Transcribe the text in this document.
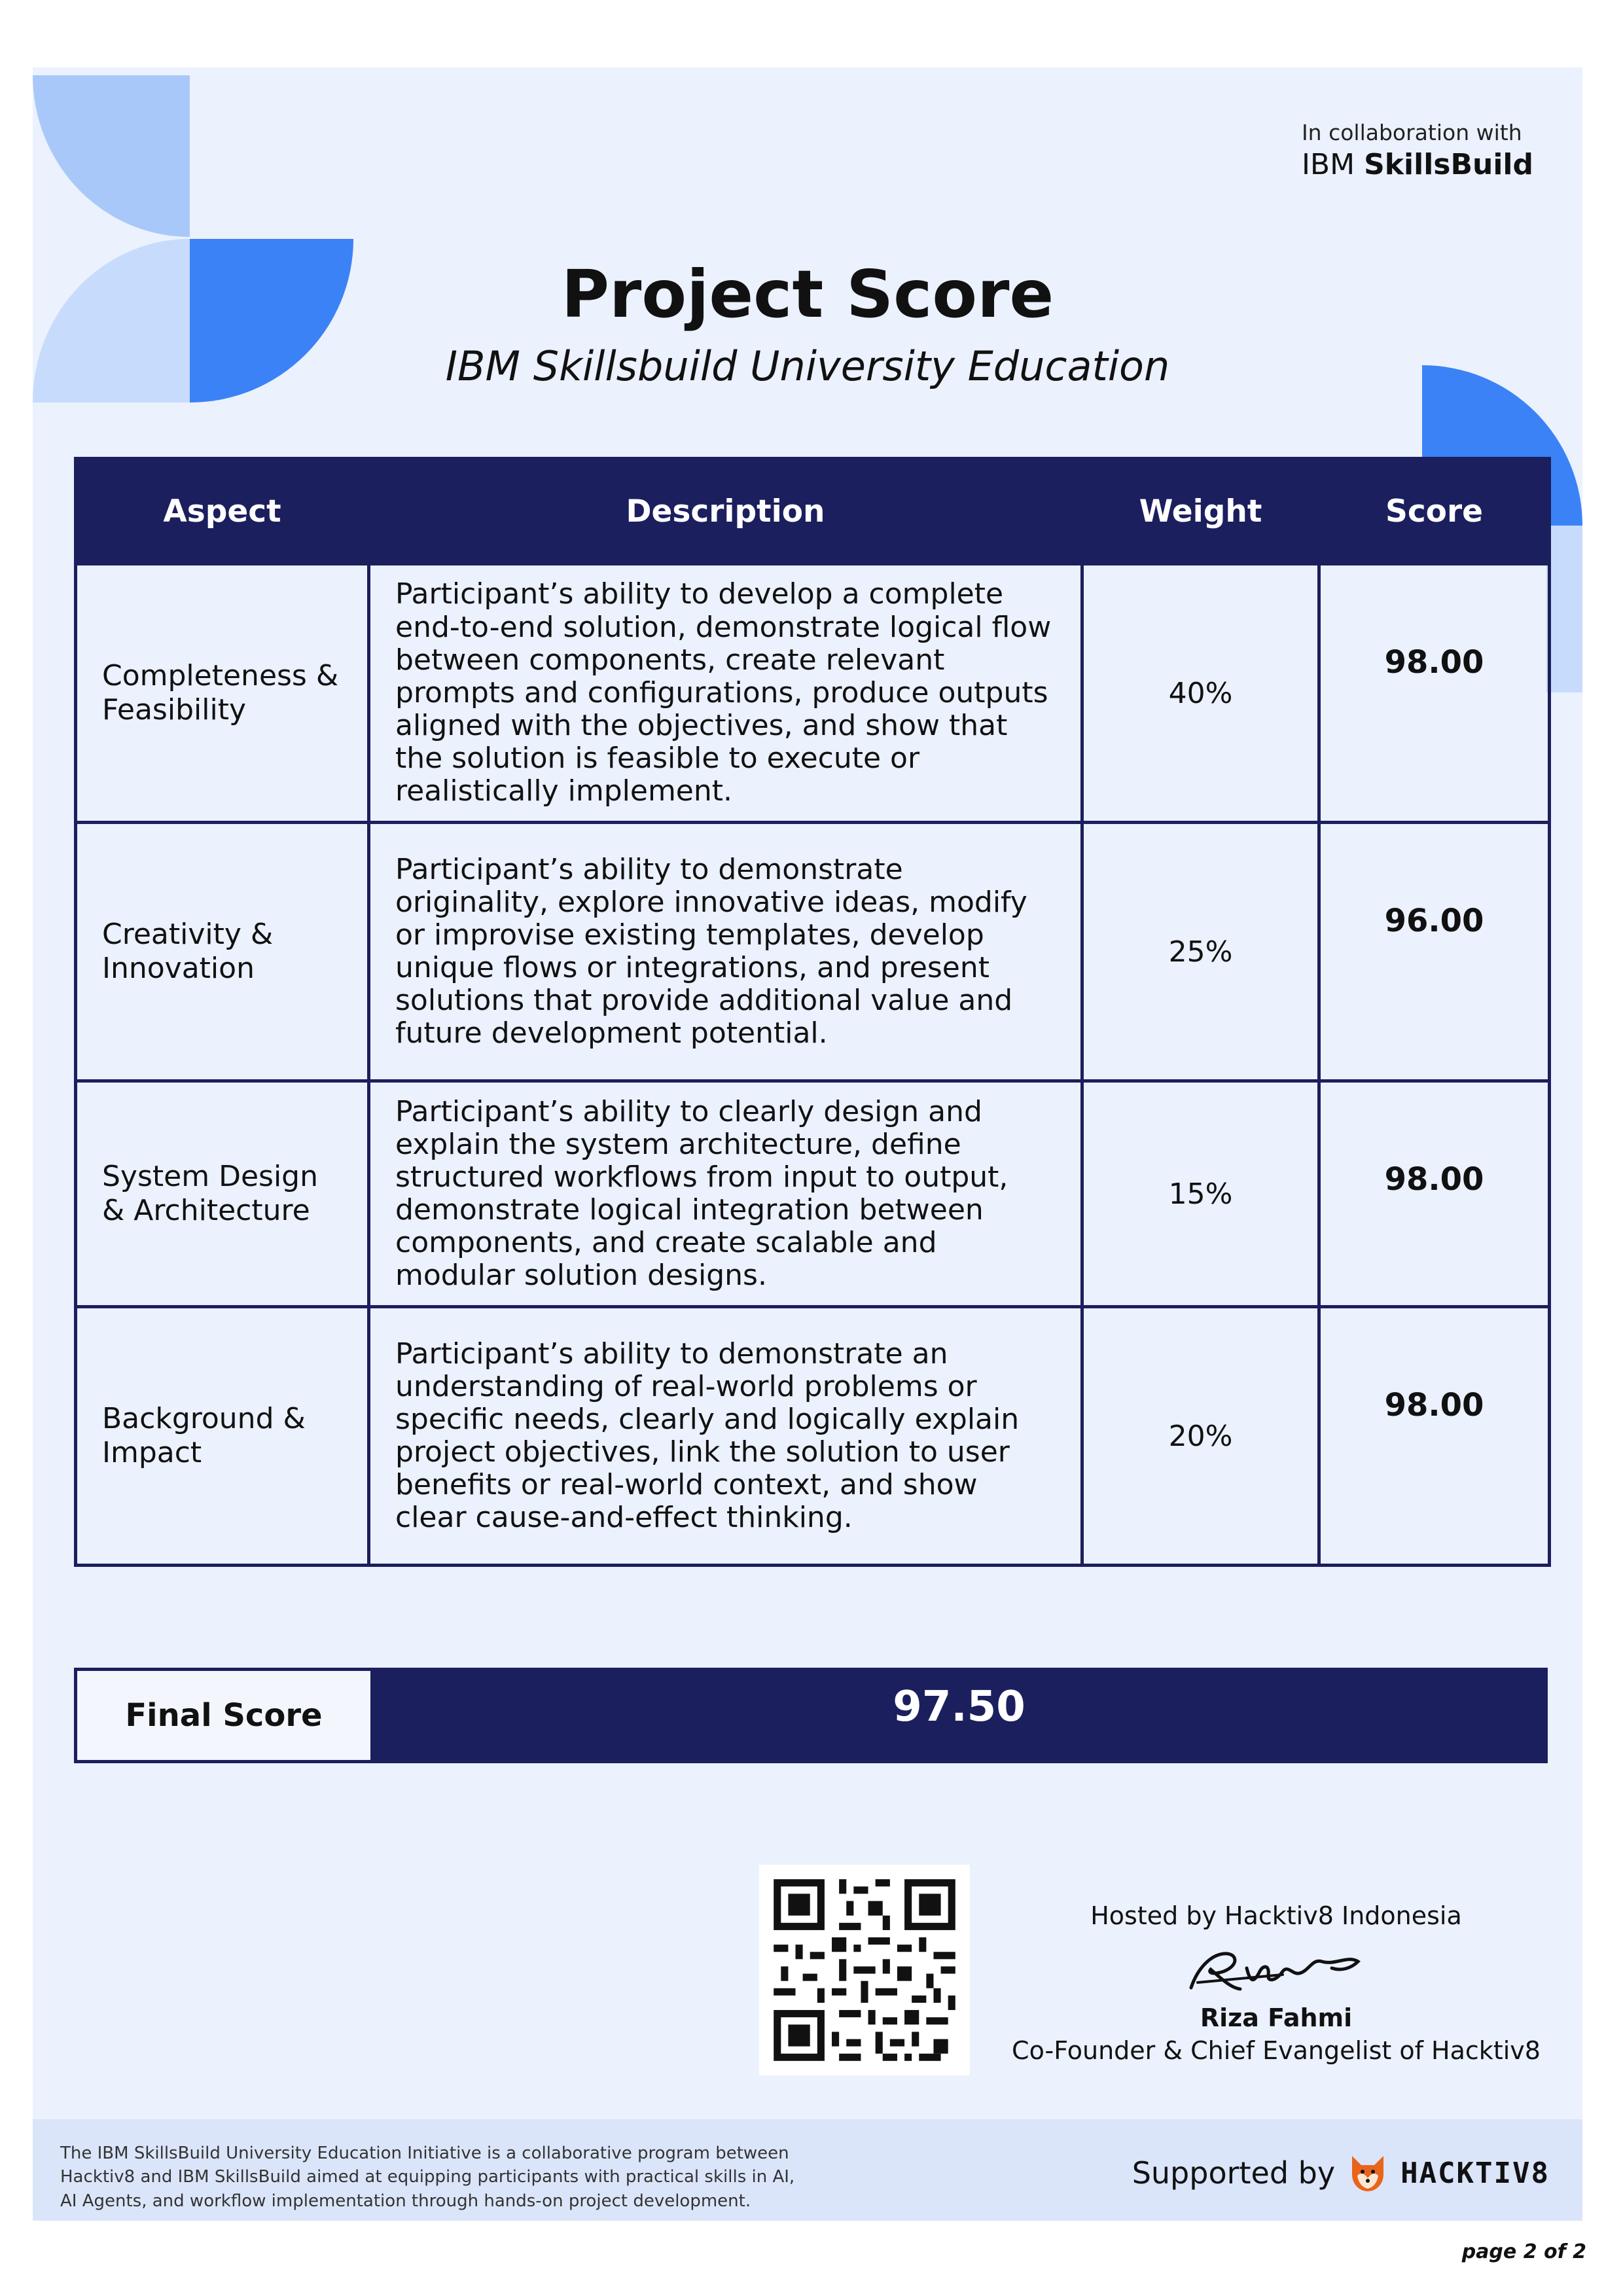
In collaboration with
IBM SkillsBuild
Project Score
IBM Skillsbuild University Education
Aspect	Description	Weight	Score
Completeness & Feasibility	Participant’s ability to develop a complete end-to-end solution, demonstrate logical flow between components, create relevant prompts and configurations, produce outputs aligned with the objectives, and show that the solution is feasible to execute or realistically implement.	40%	98.00
Creativity & Innovation	Participant’s ability to demonstrate originality, explore innovative ideas, modify or improvise existing templates, develop unique flows or integrations, and present solutions that provide additional value and future development potential.	25%	96.00
System Design & Architecture	Participant’s ability to clearly design and explain the system architecture, define structured workflows from input to output, demonstrate logical integration between components, and create scalable and modular solution designs.	15%	98.00
Background & Impact	Participant’s ability to demonstrate an understanding of real-world problems or specific needs, clearly and logically explain project objectives, link the solution to user benefits or real-world context, and show clear cause-and-effect thinking.	20%	98.00
Final Score	97.50
Hosted by Hacktiv8 Indonesia
Riza Fahmi
Co-Founder & Chief Evangelist of Hacktiv8
The IBM SkillsBuild University Education Initiative is a collaborative program between Hacktiv8 and IBM SkillsBuild aimed at equipping participants with practical skills in AI, AI Agents, and workflow implementation through hands-on project development.
Supported by HACKTIV8
page 2 of 2
